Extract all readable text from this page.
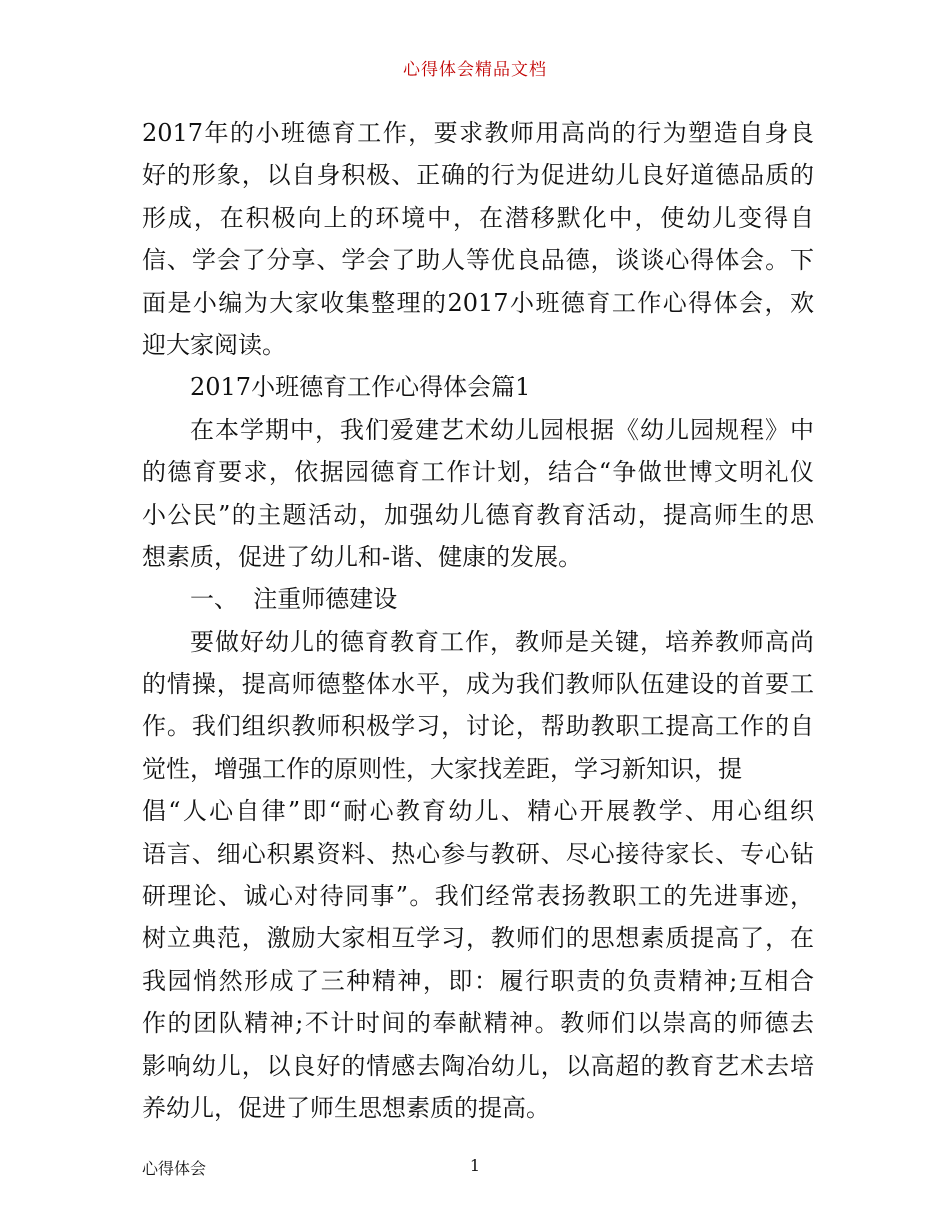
心得体会精品文档
2017年的小班德育工作，要求教师用高尚的行为塑造自身良
好的形象，以自身积极、正确的行为促进幼儿良好道德品质的
形成，在积极向上的环境中，在潜移默化中，使幼儿变得自
信、学会了分享、学会了助人等优良品德，谈谈心得体会。下
面是小编为大家收集整理的2017小班德育工作心得体会，欢
迎大家阅读。
2017小班德育工作心得体会篇1
在本学期中，我们爱建艺术幼儿园根据《幼儿园规程》中
的德育要求，依据园德育工作计划，结合“争做世博文明礼仪
小公民”的主题活动，加强幼儿德育教育活动，提高师生的思
想素质，促进了幼儿和-谐、健康的发展。
一、  注重师德建设
要做好幼儿的德育教育工作，教师是关键，培养教师高尚
的情操，提高师德整体水平，成为我们教师队伍建设的首要工
作。我们组织教师积极学习，讨论，帮助教职工提高工作的自
觉性，增强工作的原则性，大家找差距，学习新知识，提
倡“人心自律”即“耐心教育幼儿、精心开展教学、用心组织
语言、细心积累资料、热心参与教研、尽心接待家长、专心钻
研理论、诚心对待同事”。我们经常表扬教职工的先进事迹，
树立典范，激励大家相互学习，教师们的思想素质提高了，在
我园悄然形成了三种精神，即：履行职责的负责精神;互相合
作的团队精神;不计时间的奉献精神。教师们以崇高的师德去
影响幼儿，以良好的情感去陶冶幼儿，以高超的教育艺术去培
养幼儿，促进了师生思想素质的提高。
心得体会	1
